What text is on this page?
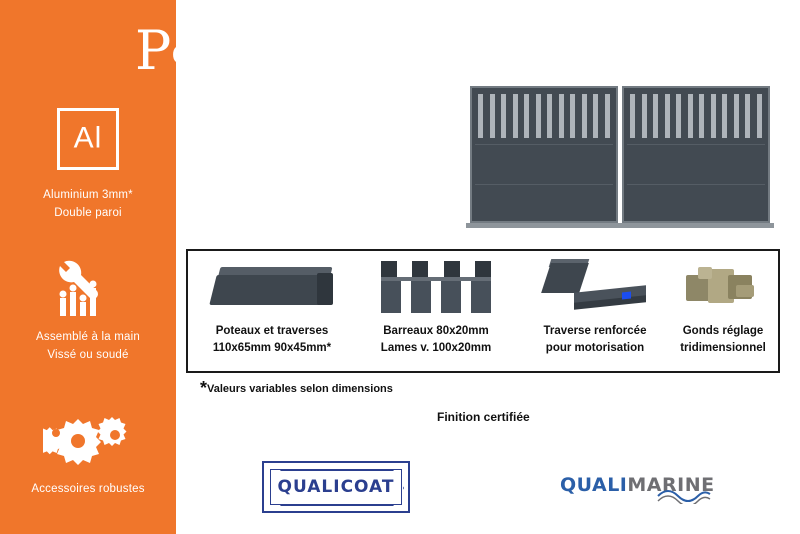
Al
Aluminium 3mm*
Double paroi
Assemblé à la main
Vissé ou soudé
Accessoires robustes
Portail semi plein
Poteaux et traverses
110x65mm 90x45mm*
Barreaux 80x20mm
Lames v. 100x20mm
Traverse renforcée
pour motorisation
Gonds réglage
tridimensionnel
*Valeurs variables selon dimensions
Finition certifiée
QUALICOAT	QUALIMARINE
